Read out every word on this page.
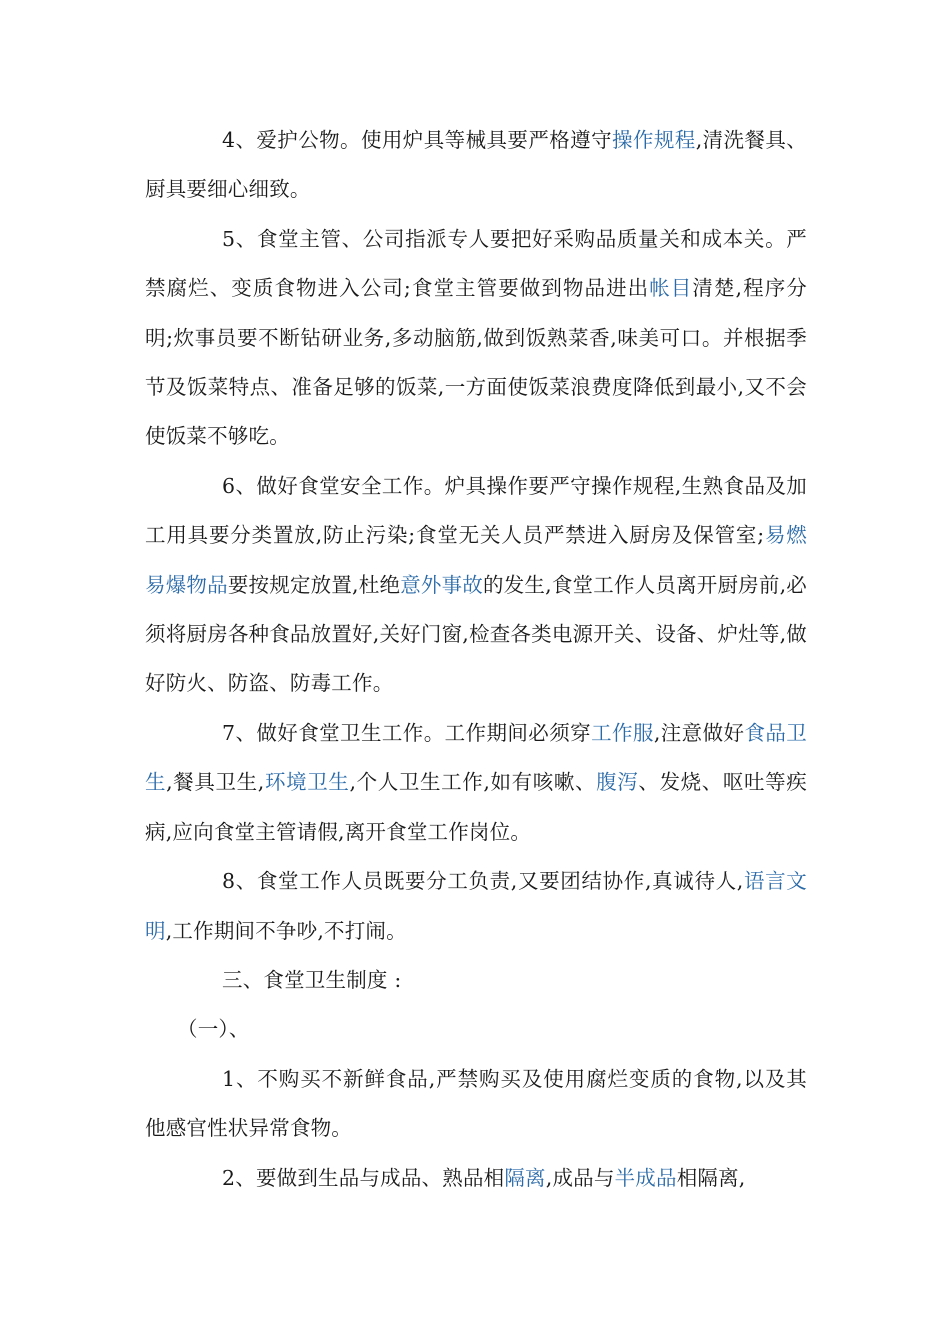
4、爱护公物。使用炉具等械具要严格遵守操作规程,清洗餐具、厨具要细心细致。

5、食堂主管、公司指派专人要把好采购品质量关和成本关。严禁腐烂、变质食物进入公司;食堂主管要做到物品进出帐目清楚,程序分明;炊事员要不断钻研业务,多动脑筋,做到饭熟菜香,味美可口。并根据季节及饭菜特点、准备足够的饭菜,一方面使饭菜浪费度降低到最小,又不会使饭菜不够吃。

6、做好食堂安全工作。炉具操作要严守操作规程,生熟食品及加工用具要分类置放,防止污染;食堂无关人员严禁进入厨房及保管室;易燃易爆物品要按规定放置,杜绝意外事故的发生,食堂工作人员离开厨房前,必须将厨房各种食品放置好,关好门窗,检查各类电源开关、设备、炉灶等,做好防火、防盗、防毒工作。

7、做好食堂卫生工作。工作期间必须穿工作服,注意做好食品卫生,餐具卫生,环境卫生,个人卫生工作,如有咳嗽、腹泻、发烧、呕吐等疾病,应向食堂主管请假,离开食堂工作岗位。

8、食堂工作人员既要分工负责,又要团结协作,真诚待人,语言文明,工作期间不争吵,不打闹。

三、食堂卫生制度 :

（一）、

1、不购买不新鲜食品,严禁购买及使用腐烂变质的食物,以及其他感官性状异常食物。

2、要做到生品与成品、熟品相隔离,成品与半成品相隔离,
